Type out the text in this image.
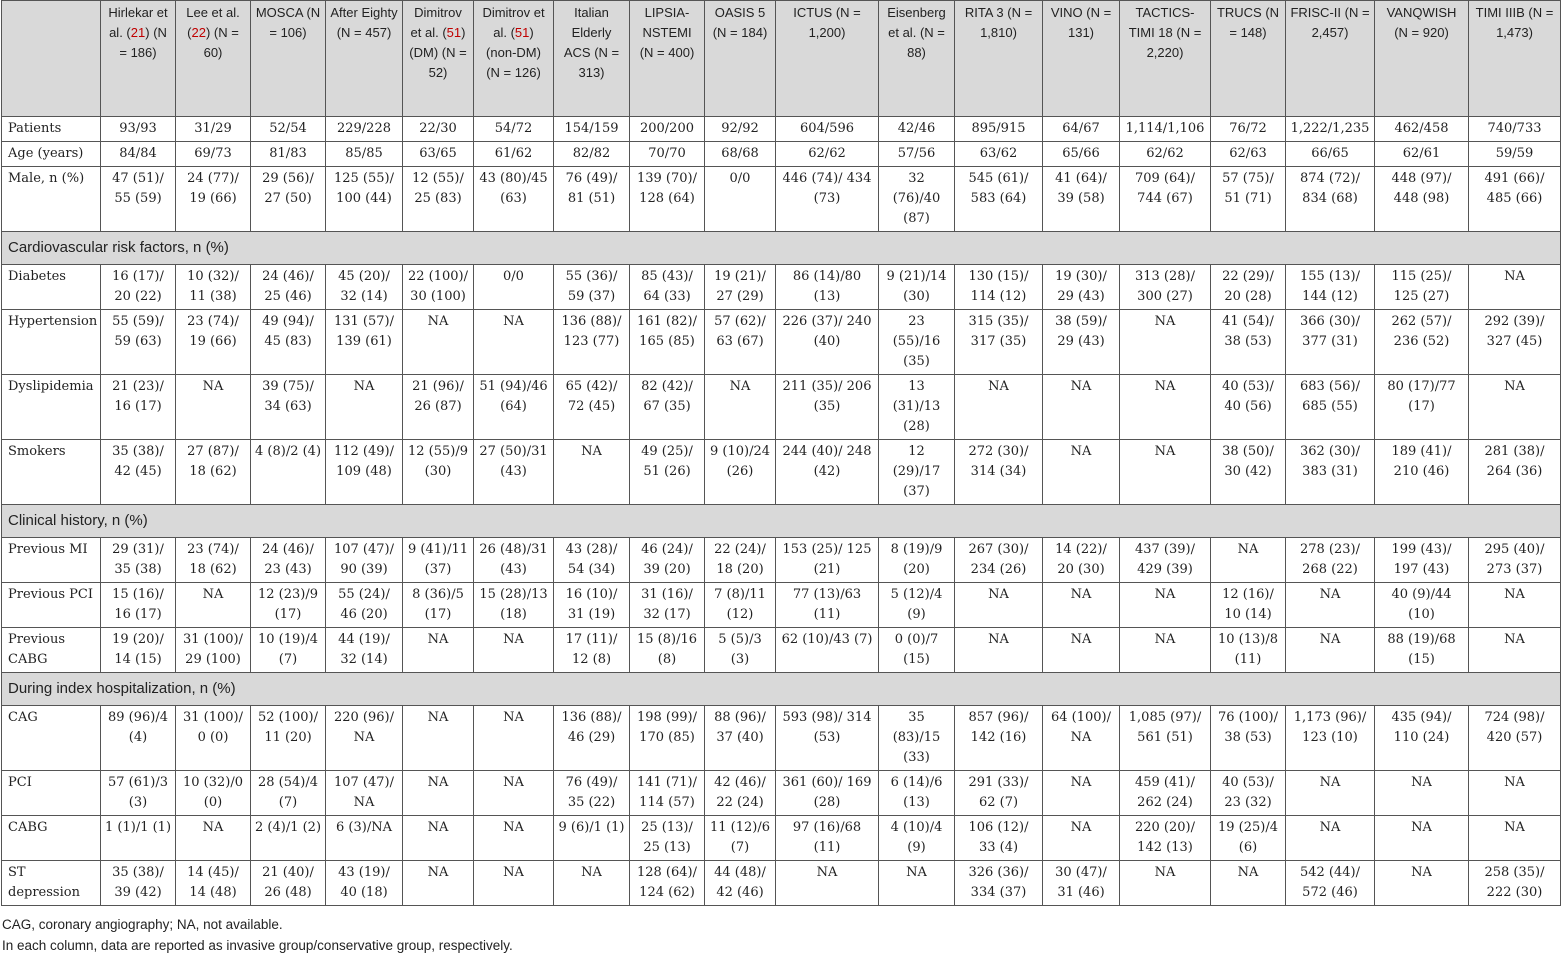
	Hirlekar et al. (21) (N = 186)	Lee et al. (22) (N = 60)	MOSCA (N = 106)	After Eighty (N = 457)	Dimitrov et al. (51) (DM) (N = 52)	Dimitrov et al. (51) (non-DM) (N = 126)	Italian Elderly ACS (N = 313)	LIPSIA-NSTEMI (N = 400)	OASIS 5 (N = 184)	ICTUS (N = 1,200)	Eisenberg et al. (N = 88)	RITA 3 (N = 1,810)	VINO (N = 131)	TACTICS-TIMI 18 (N = 2,220)	TRUCS (N = 148)	FRISC-II (N = 2,457)	VANQWISH (N = 920)	TIMI IIIB (N = 1,473)
Patients	93/93	31/29	52/54	229/228	22/30	54/72	154/159	200/200	92/92	604/596	42/46	895/915	64/67	1,114/1,106	76/72	1,222/1,235	462/458	740/733
Age (years)	84/84	69/73	81/83	85/85	63/65	61/62	82/82	70/70	68/68	62/62	57/56	63/62	65/66	62/62	62/63	66/65	62/61	59/59
Male, n (%)	47 (51)/ 55 (59)	24 (77)/ 19 (66)	29 (56)/ 27 (50)	125 (55)/ 100 (44)	12 (55)/ 25 (83)	43 (80)/45 (63)	76 (49)/ 81 (51)	139 (70)/ 128 (64)	0/0	446 (74)/ 434 (73)	32 (76)/40 (87)	545 (61)/ 583 (64)	41 (64)/ 39 (58)	709 (64)/ 744 (67)	57 (75)/ 51 (71)	874 (72)/ 834 (68)	448 (97)/ 448 (98)	491 (66)/ 485 (66)
Cardiovascular risk factors, n (%)																		
Diabetes	16 (17)/ 20 (22)	10 (32)/ 11 (38)	24 (46)/ 25 (46)	45 (20)/ 32 (14)	22 (100)/ 30 (100)	0/0	55 (36)/ 59 (37)	85 (43)/ 64 (33)	19 (21)/ 27 (29)	86 (14)/80 (13)	9 (21)/14 (30)	130 (15)/ 114 (12)	19 (30)/ 29 (43)	313 (28)/ 300 (27)	22 (29)/ 20 (28)	155 (13)/ 144 (12)	115 (25)/ 125 (27)	NA
Hypertension	55 (59)/ 59 (63)	23 (74)/ 19 (66)	49 (94)/ 45 (83)	131 (57)/ 139 (61)	NA	NA	136 (88)/ 123 (77)	161 (82)/ 165 (85)	57 (62)/ 63 (67)	226 (37)/ 240 (40)	23 (55)/16 (35)	315 (35)/ 317 (35)	38 (59)/ 29 (43)	NA	41 (54)/ 38 (53)	366 (30)/ 377 (31)	262 (57)/ 236 (52)	292 (39)/ 327 (45)
Dyslipidemia	21 (23)/ 16 (17)	NA	39 (75)/ 34 (63)	NA	21 (96)/ 26 (87)	51 (94)/46 (64)	65 (42)/ 72 (45)	82 (42)/ 67 (35)	NA	211 (35)/ 206 (35)	13 (31)/13 (28)	NA	NA	NA	40 (53)/ 40 (56)	683 (56)/ 685 (55)	80 (17)/77 (17)	NA
Smokers	35 (38)/ 42 (45)	27 (87)/ 18 (62)	4 (8)/2 (4)	112 (49)/ 109 (48)	12 (55)/9 (30)	27 (50)/31 (43)	NA	49 (25)/ 51 (26)	9 (10)/24 (26)	244 (40)/ 248 (42)	12 (29)/17 (37)	272 (30)/ 314 (34)	NA	NA	38 (50)/ 30 (42)	362 (30)/ 383 (31)	189 (41)/ 210 (46)	281 (38)/ 264 (36)
Clinical history, n (%)																		
Previous MI	29 (31)/ 35 (38)	23 (74)/ 18 (62)	24 (46)/ 23 (43)	107 (47)/ 90 (39)	9 (41)/11 (37)	26 (48)/31 (43)	43 (28)/ 54 (34)	46 (24)/ 39 (20)	22 (24)/ 18 (20)	153 (25)/ 125 (21)	8 (19)/9 (20)	267 (30)/ 234 (26)	14 (22)/ 20 (30)	437 (39)/ 429 (39)	NA	278 (23)/ 268 (22)	199 (43)/ 197 (43)	295 (40)/ 273 (37)
Previous PCI	15 (16)/ 16 (17)	NA	12 (23)/9 (17)	55 (24)/ 46 (20)	8 (36)/5 (17)	15 (28)/13 (18)	16 (10)/ 31 (19)	31 (16)/ 32 (17)	7 (8)/11 (12)	77 (13)/63 (11)	5 (12)/4 (9)	NA	NA	NA	12 (16)/ 10 (14)	NA	40 (9)/44 (10)	NA
Previous CABG	19 (20)/ 14 (15)	31 (100)/ 29 (100)	10 (19)/4 (7)	44 (19)/ 32 (14)	NA	NA	17 (11)/ 12 (8)	15 (8)/16 (8)	5 (5)/3 (3)	62 (10)/43 (7)	0 (0)/7 (15)	NA	NA	NA	10 (13)/8 (11)	NA	88 (19)/68 (15)	NA
During index hospitalization, n (%)																		
CAG	89 (96)/4 (4)	31 (100)/ 0 (0)	52 (100)/ 11 (20)	220 (96)/ NA	NA	NA	136 (88)/ 46 (29)	198 (99)/ 170 (85)	88 (96)/ 37 (40)	593 (98)/ 314 (53)	35 (83)/15 (33)	857 (96)/ 142 (16)	64 (100)/ NA	1,085 (97)/ 561 (51)	76 (100)/ 38 (53)	1,173 (96)/ 123 (10)	435 (94)/ 110 (24)	724 (98)/ 420 (57)
PCI	57 (61)/3 (3)	10 (32)/0 (0)	28 (54)/4 (7)	107 (47)/ NA	NA	NA	76 (49)/ 35 (22)	141 (71)/ 114 (57)	42 (46)/ 22 (24)	361 (60)/ 169 (28)	6 (14)/6 (13)	291 (33)/ 62 (7)	NA	459 (41)/ 262 (24)	40 (53)/ 23 (32)	NA	NA	NA
CABG	1 (1)/1 (1)	NA	2 (4)/1 (2)	6 (3)/NA	NA	NA	9 (6)/1 (1)	25 (13)/ 25 (13)	11 (12)/6 (7)	97 (16)/68 (11)	4 (10)/4 (9)	106 (12)/ 33 (4)	NA	220 (20)/ 142 (13)	19 (25)/4 (6)	NA	NA	NA
ST depression	35 (38)/ 39 (42)	14 (45)/ 14 (48)	21 (40)/ 26 (48)	43 (19)/ 40 (18)	NA	NA	NA	128 (64)/ 124 (62)	44 (48)/ 42 (46)	NA	NA	326 (36)/ 334 (37)	30 (47)/ 31 (46)	NA	NA	542 (44)/ 572 (46)	NA	258 (35)/ 222 (30)
CAG, coronary angiography; NA, not available.
In each column, data are reported as invasive group/conservative group, respectively.
